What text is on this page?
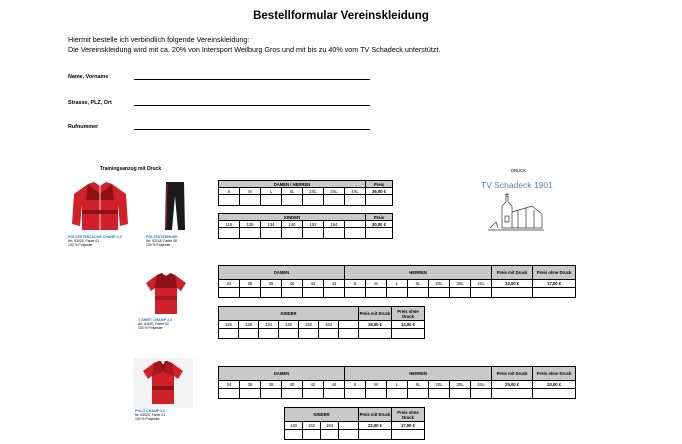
Bestellformular Vereinskleidung
Hiermit bestelle ich verbindlich folgende Vereinskleidung:
Die Vereinskleidung wird mit ca. 20% von Intersport Weilburg Gros und mit bis zu 40% vom TV Schadeck unterstützt.
Name, Vorname
Strasse, PLZ, Ort
Rufnummer
Trainingsanzug mit Druck
POLYESTERJACKE CHAMP 2.0
Art. 93020, Farbe 01
100 % Polyester
POLYESTERHOSE
Art. 92118, Farbe 08
100 % Polyester
DAMEN / HERREN							Preis
S	M	L	XL	2XL	3XL	4XL	36,00 €

KINDER							Preis
116	128	134	140	152	164		30,00 €

DRUCK
TV Schadeck 1901
T-SHIRT CHAMP 2.0
Art. 61120, Farbe 01
100 % Polyester
DAMEN						HERREN							Preis mit Druck	Preis ohne Druck
34	36	38	40	42	44	S	M	L	XL	2XL	3XL	4XL	22,00 €	17,00 €

KINDER							Preis mit Druck	Preis ohne Druck
116	128	134	140	152	164		19,00 €	14,00 €

POLO CHAMP 2.0
Nr. 63020, Farbe 01
100 % Polyester
DAMEN						HERREN							Preis mit Druck	Preis ohne Druck
34	36	38	40	42	44	S	M	L	XL	2XL	3XL	4XL	25,00 €	20,00 €

KINDER				Preis mit Druck	Preis ohne Druck
140	152	164		22,00 €	17,00 €
